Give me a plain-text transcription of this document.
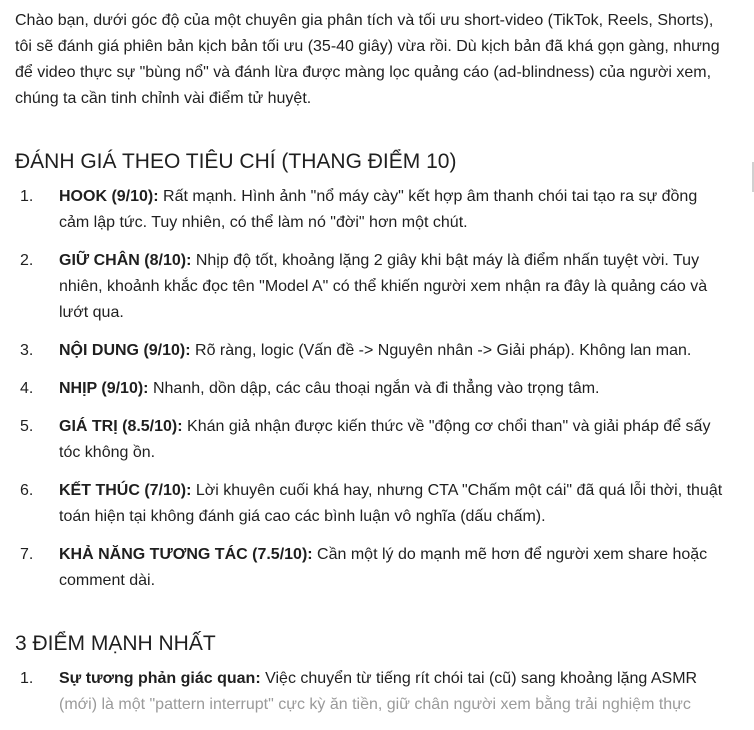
Chào bạn, dưới góc độ của một chuyên gia phân tích và tối ưu short-video (TikTok, Reels, Shorts), tôi sẽ đánh giá phiên bản kịch bản tối ưu (35-40 giây) vừa rồi. Dù kịch bản đã khá gọn gàng, nhưng để video thực sự "bùng nổ" và đánh lừa được màng lọc quảng cáo (ad-blindness) của người xem, chúng ta cần tinh chỉnh vài điểm tử huyệt.

ĐÁNH GIÁ THEO TIÊU CHÍ (THANG ĐIỂM 10)
1. HOOK (9/10): Rất mạnh. Hình ảnh "nổ máy cày" kết hợp âm thanh chói tai tạo ra sự đồng cảm lập tức. Tuy nhiên, có thể làm nó "đời" hơn một chút.
2. GIỮ CHÂN (8/10): Nhịp độ tốt, khoảng lặng 2 giây khi bật máy là điểm nhấn tuyệt vời. Tuy nhiên, khoảnh khắc đọc tên "Model A" có thể khiến người xem nhận ra đây là quảng cáo và lướt qua.
3. NỘI DUNG (9/10): Rõ ràng, logic (Vấn đề -> Nguyên nhân -> Giải pháp). Không lan man.
4. NHỊP (9/10): Nhanh, dồn dập, các câu thoại ngắn và đi thẳng vào trọng tâm.
5. GIÁ TRỊ (8.5/10): Khán giả nhận được kiến thức về "động cơ chổi than" và giải pháp để sấy tóc không ồn.
6. KẾT THÚC (7/10): Lời khuyên cuối khá hay, nhưng CTA "Chấm một cái" đã quá lỗi thời, thuật toán hiện tại không đánh giá cao các bình luận vô nghĩa (dấu chấm).
7. KHẢ NĂNG TƯƠNG TÁC (7.5/10): Cần một lý do mạnh mẽ hơn để người xem share hoặc comment dài.
3 ĐIỂM MẠNH NHẤT
1. Sự tương phản giác quan: Việc chuyển từ tiếng rít chói tai (cũ) sang khoảng lặng ASMR (mới) là một "pattern interrupt" cực kỳ ăn tiền, giữ chân người xem bằng trải nghiệm thực
